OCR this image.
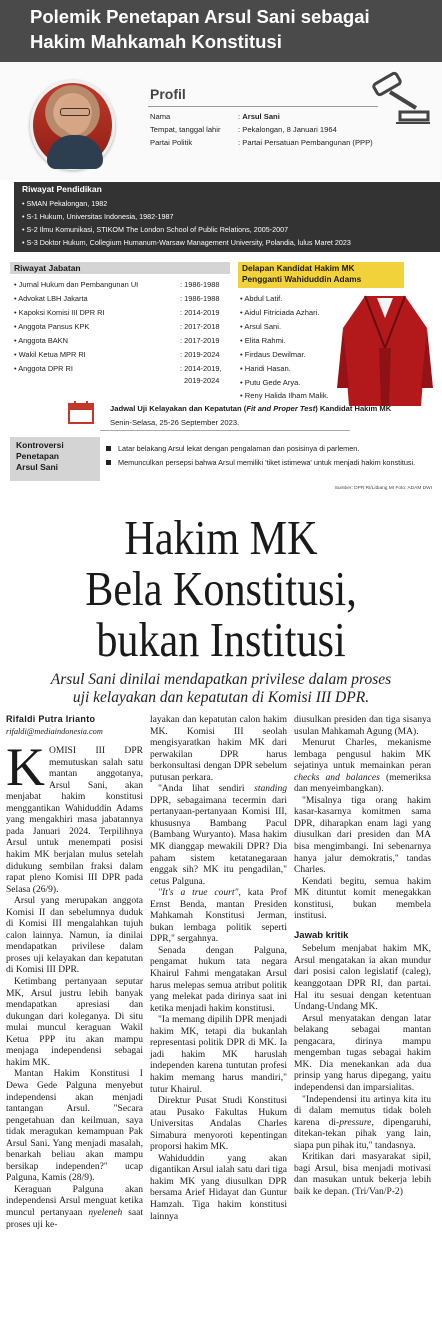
Polemik Penetapan Arsul Sani sebagai
Hakim Mahkamah Konstitusi
Profil
Nama	: Arsul Sani
Tempat, tanggal lahir : Pekalongan, 8 Januari 1964
Partai Politik	: Partai Persatuan Pembangunan (PPP)
Riwayat Pendidikan
• SMAN Pekalongan, 1982
• S-1 Hukum, Universitas Indonesia, 1982-1987
• S-2 Ilmu Komunikasi, STIKOM The London School of Public Relations, 2005-2007
• S-3 Doktor Hukum, Collegium Humanum-Warsaw Management University, Polandia, lulus Maret 2023
Riwayat Jabatan
• Jurnal Hukum dan Pembangunan UI	: 1986-1988
• Advokat LBH Jakarta	: 1986-1988
• Kapoksi Komisi III DPR RI	: 2014-2019
• Anggota Pansus KPK	: 2017-2018
• Anggota BAKN	: 2017-2019
• Wakil Ketua MPR RI	: 2019-2024
• Anggota DPR RI	: 2014-2019,
2019-2024
Delapan Kandidat Hakim MK
Pengganti Wahiduddin Adams
• Abdul Latif.
• Aidul Fitriciada Azhari.
• Arsul Sani.
• Elita Rahmi.
• Firdaus Dewilmar.
• Haridi Hasan.
• Putu Gede Arya.
• Reny Halida Ilham Malik.
Jadwal Uji Kelayakan dan Kepatutan (Fit and Proper Test) Kandidat Hakim MK
Senin-Selasa, 25-26 September 2023.
Kontroversi
Penetapan
Arsul Sani
Latar belakang Arsul lekat dengan pengalaman dan posisinya di parlemen.
Memunculkan persepsi bahwa Arsul memiliki 'tiket istimewa' untuk menjadi hakim konstitusi.
Sumber: DPR RI/Litbang MI Foto: ADAM DWI
Hakim MK
Bela Konstitusi,
bukan Institusi
Arsul Sani dinilai mendapatkan privilese dalam proses
uji kelayakan dan kepatutan di Komisi III DPR.
Rifaldi Putra Irianto
rifaldi@mediaindonesia.com

KOMISI III DPR memutuskan salah satu mantan anggotanya, Arsul Sani, akan menjabat hakim konstitusi menggantikan Wahiduddin Adams yang mengakhiri masa jabatannya pada Januari 2024. Terpilihnya Arsul untuk menempati posisi hakim MK berjalan mulus setelah didukung sembilan fraksi dalam rapat pleno Komisi III DPR pada Selasa (26/9).

Arsul yang merupakan anggota Komisi II dan sebelumnya duduk di Komisi III mengalahkan tujuh calon lainnya. Namun, ia dinilai mendapatkan privilese dalam proses uji kelayakan dan kepatutan di Komisi III DPR.

Ketimbang pertanyaan seputar MK, Arsul justru lebih banyak mendapatkan apresiasi dan dukungan dari koleganya. Di situ mulai muncul keraguan Wakil Ketua PPP itu akan mampu menjaga independensi sebagai hakim MK.

Mantan Hakim Konstitusi I Dewa Gede Palguna menyebut independensi akan menjadi tantangan Arsul. "Secara pengetahuan dan keilmuan, saya tidak meragukan kemampuan Pak Arsul Sani. Yang menjadi masalah, benarkah beliau akan mampu bersikap independen?" ucap Palguna, Kamis (28/9).

Keraguan Palguna akan independensi Arsul menguat ketika muncul pertanyaan nyeleneh saat proses uji ke-

layakan dan kepatutan calon hakim MK. Komisi III seolah mengisyaratkan hakim MK dari perwakilan DPR harus berkonsultasi dengan DPR sebelum putusan perkara.

"Anda lihat sendiri standing DPR, sebagaimana tecermin dari pertanyaan-pertanyaan Komisi III, khususnya Bambang Pacul (Bambang Wuryanto). Masa hakim MK dianggap mewakili DPR? Dia paham sistem ketatanegaraan enggak sih? MK itu pengadilan," cetus Palguna.

"It's a true court", kata Prof Ernst Benda, mantan Presiden Mahkamah Konstitusi Jerman, bukan lembaga politik seperti DPR," sergahnya.

Senada dengan Palguna, pengamat hukum tata negara Khairul Fahmi mengatakan Arsul harus melepas semua atribut politik yang melekat pada dirinya saat ini ketika menjadi hakim konstitusi.

"Ia memang dipilih DPR menjadi hakim MK, tetapi dia bukanlah representasi politik DPR di MK. Ia jadi hakim MK haruslah independen karena tuntutan profesi hakim memang harus mandiri," tutur Khairul.

Direktur Pusat Studi Konstitusi atau Pusako Fakultas Hukum Universitas Andalas Charles Simabura menyoroti kepentingan proporsi hakim MK.

Wahiduddin yang akan digantikan Arsul ialah satu dari tiga hakim MK yang diusulkan DPR bersama Arief Hidayat dan Guntur Hamzah. Tiga hakim konstitusi lainnya

diusulkan presiden dan tiga sisanya usulan Mahkamah Agung (MA).

Menurut Charles, mekanisme lembaga pengusul hakim MK sejatinya untuk memainkan peran checks and balances (memeriksa dan menyeimbangkan).

"Misalnya tiga orang hakim kasar-kasarnya komitmen sama DPR, diharapkan enam lagi yang diusulkan dari presiden dan MA bisa mengimbangi. Ini sebenarnya hanya jalur demokratis," tandas Charles.

Kendati begitu, semua hakim MK dituntut komit menegakkan konstitusi, bukan membela institusi.

Jawab kritik

Sebelum menjabat hakim MK, Arsul mengatakan ia akan mundur dari posisi calon legislatif (caleg), keanggotaan DPR RI, dan partai. Hal itu sesuai dengan ketentuan Undang-Undang MK.

Arsul menyatakan dengan latar belakang sebagai mantan pengacara, dirinya mampu mengemban tugas sebagai hakim MK. Dia menekankan ada dua prinsip yang harus dipegang, yaitu independensi dan imparsialitas.

"Independensi itu artinya kita itu di dalam memutus tidak boleh karena di-pressure, dipengaruhi, ditekan-tekan pihak yang lain, siapa pun pihak itu," tandasnya.

Kritikan dari masyarakat sipil, bagi Arsul, bisa menjadi motivasi dan masukan untuk bekerja lebih baik ke depan. (Tri/Van/P-2)
